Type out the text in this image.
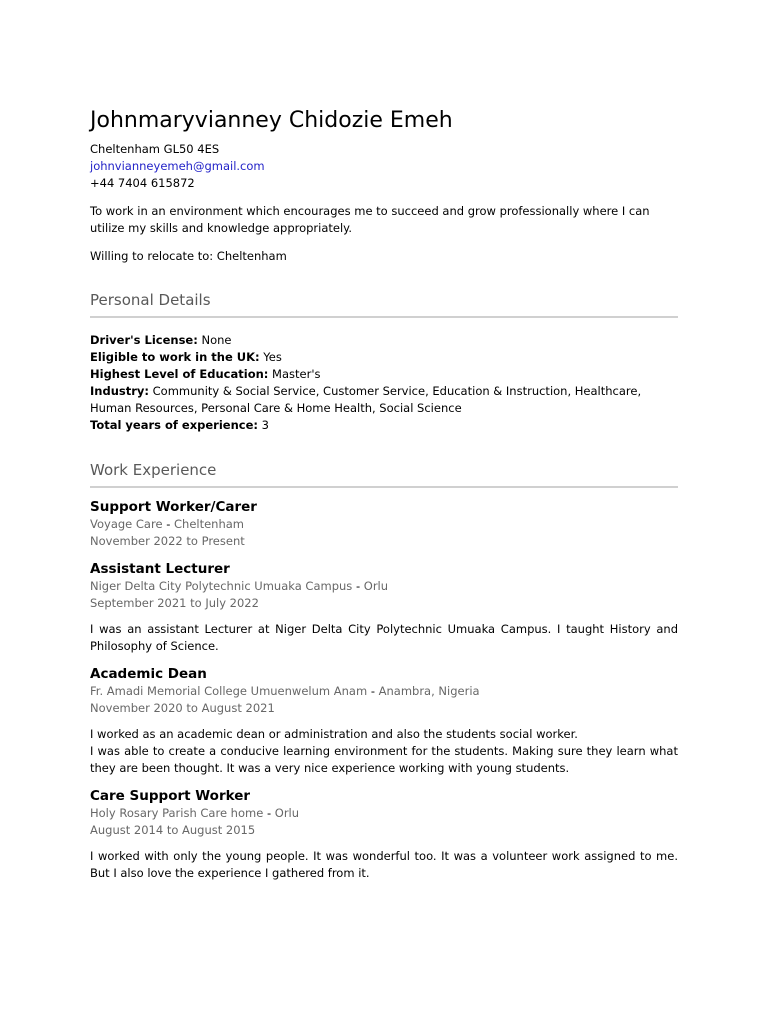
Johnmaryvianney Chidozie Emeh
Cheltenham GL50 4ES
johnvianneyemeh@gmail.com
+44 7404 615872

To work in an environment which encourages me to succeed and grow professionally where I can utilize my skills and knowledge appropriately.

Willing to relocate to: Cheltenham

Personal Details
Driver's License: None
Eligible to work in the UK: Yes
Highest Level of Education: Master's
Industry: Community & Social Service, Customer Service, Education & Instruction, Healthcare, Human Resources, Personal Care & Home Health, Social Science
Total years of experience: 3
Work Experience
Support Worker/Carer
Voyage Care - Cheltenham
November 2022 to Present
Assistant Lecturer
Niger Delta City Polytechnic Umuaka Campus - Orlu
September 2021 to July 2022

I was an assistant Lecturer at Niger Delta City Polytechnic Umuaka Campus. I taught History and Philosophy of Science.

Academic Dean
Fr. Amadi Memorial College Umuenwelum Anam - Anambra, Nigeria
November 2020 to August 2021

I worked as an academic dean or administration and also the students social worker.
I was able to create a conducive learning environment for the students. Making sure they learn what they are been thought. It was a very nice experience working with young students.

Care Support Worker
Holy Rosary Parish Care home - Orlu
August 2014 to August 2015

I worked with only the young people. It was wonderful too. It was a volunteer work assigned to me. But I also love the experience I gathered from it.
